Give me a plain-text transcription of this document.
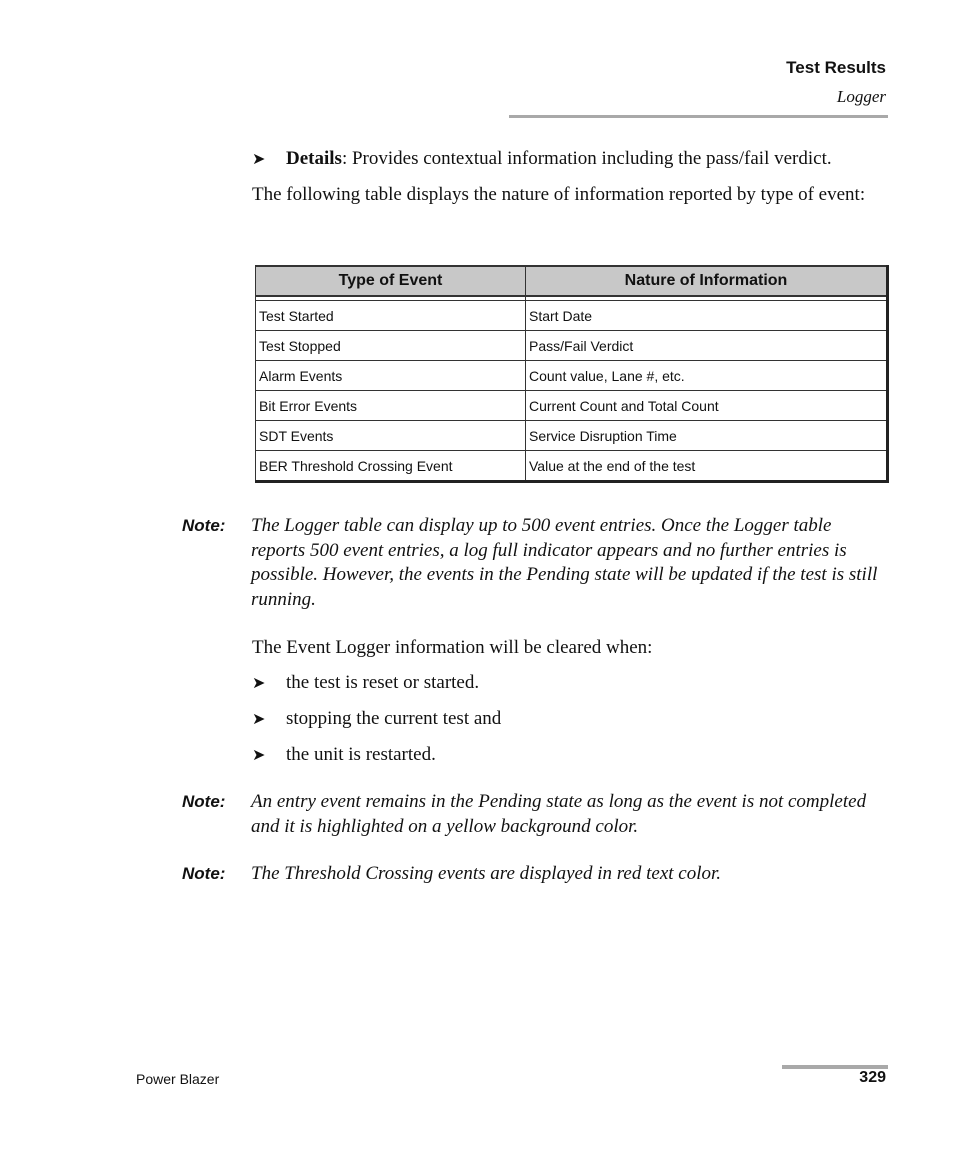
Test Results
Logger
➤ Details: Provides contextual information including the pass/fail verdict.
The following table displays the nature of information reported by type of event:
Type of Event	Nature of Information

Test Started	Start Date
Test Stopped	Pass/Fail Verdict
Alarm Events	Count value, Lane #, etc.
Bit Error Events	Current Count and Total Count
SDT Events	Service Disruption Time
BER Threshold Crossing Event	Value at the end of the test
Note: The Logger table can display up to 500 event entries. Once the Logger table reports 500 event entries, a log full indicator appears and no further entries is possible. However, the events in the Pending state will be updated if the test is still running.
The Event Logger information will be cleared when:
➤ the test is reset or started.
➤ stopping the current test and
➤ the unit is restarted.
Note: An entry event remains in the Pending state as long as the event is not completed and it is highlighted on a yellow background color.
Note: The Threshold Crossing events are displayed in red text color.
Power Blazer	329
